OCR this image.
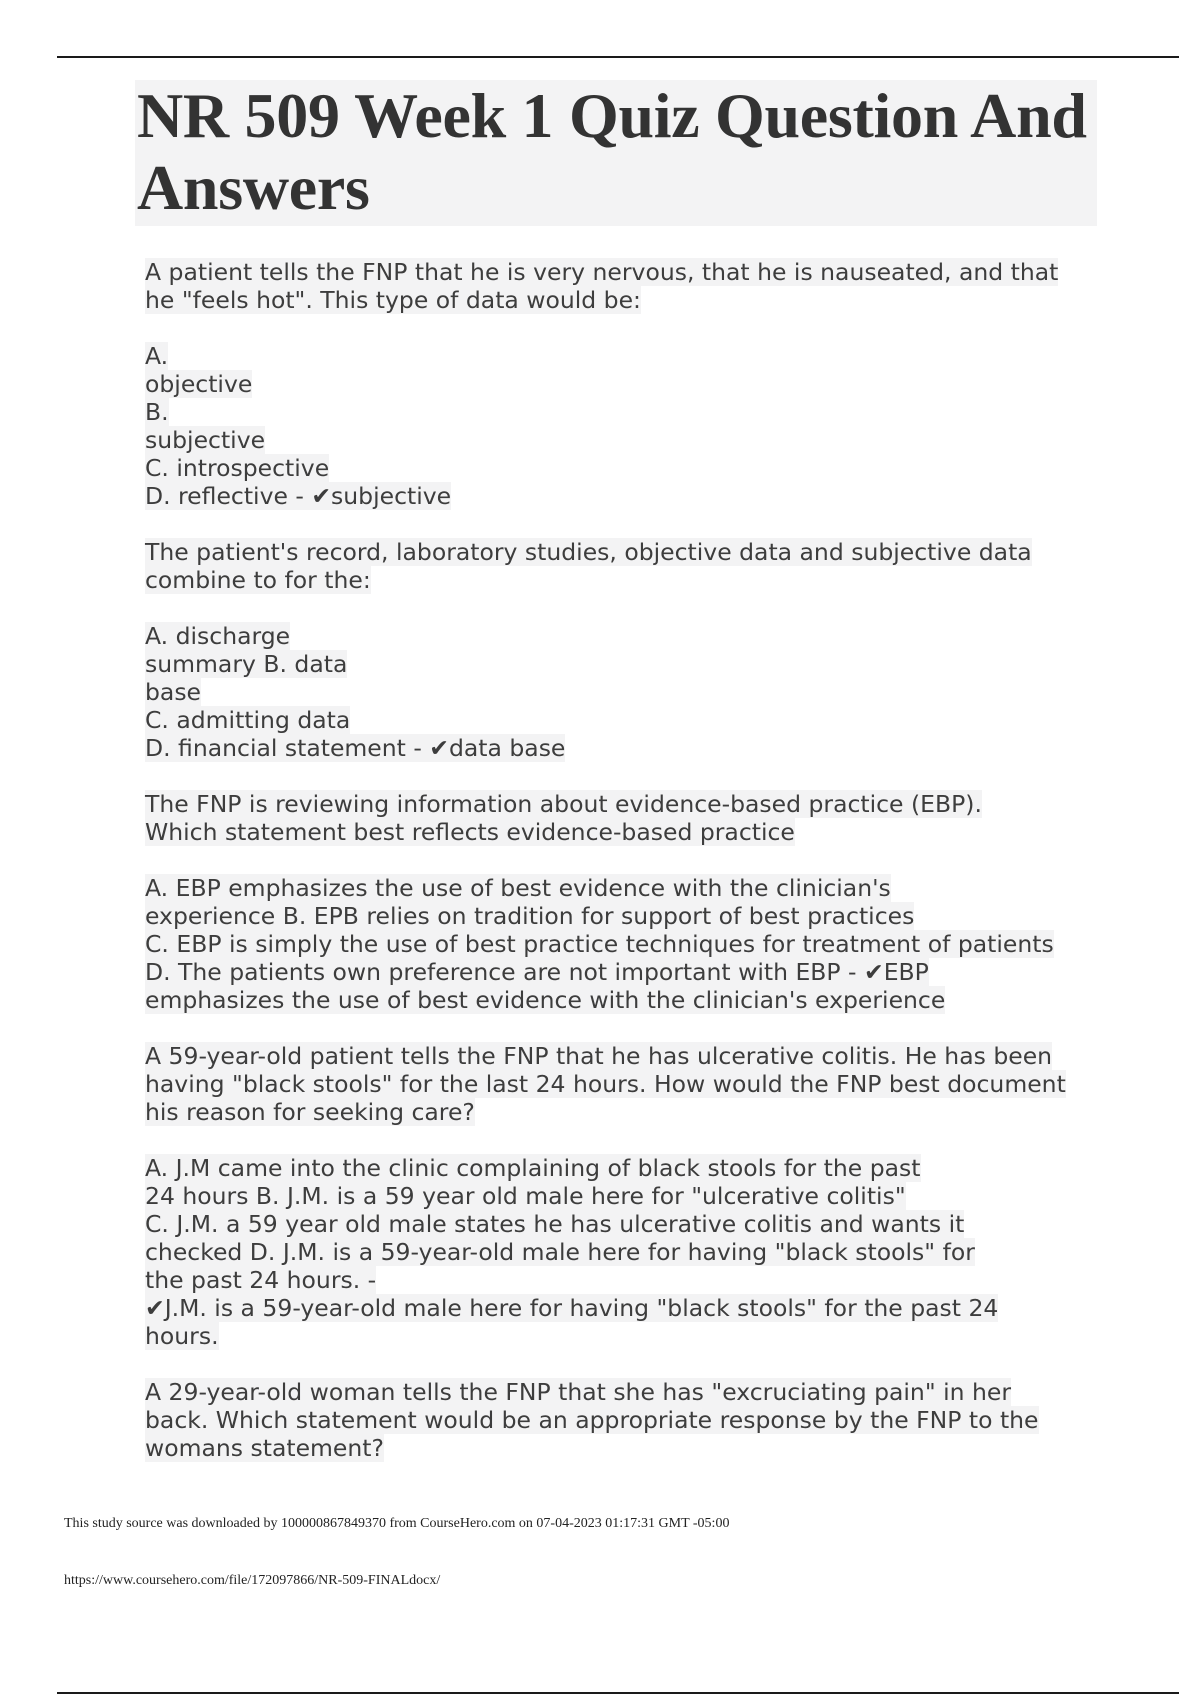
NR 509 Week 1 Quiz Question And
Answers
A patient tells the FNP that he is very nervous, that he is nauseated, and that
he "feels hot". This type of data would be:
A.
objective
B.
subjective
C. introspective
D. reflective - ✔subjective
The patient's record, laboratory studies, objective data and subjective data
combine to for the:
A. discharge
summary B. data
base
C. admitting data
D. financial statement - ✔data base
The FNP is reviewing information about evidence-based practice (EBP).
Which statement best reflects evidence-based practice
A. EBP emphasizes the use of best evidence with the clinician's
experience B. EPB relies on tradition for support of best practices
C. EBP is simply the use of best practice techniques for treatment of patients
D. The patients own preference are not important with EBP - ✔EBP
emphasizes the use of best evidence with the clinician's experience
A 59-year-old patient tells the FNP that he has ulcerative colitis. He has been
having "black stools" for the last 24 hours. How would the FNP best document
his reason for seeking care?
A. J.M came into the clinic complaining of black stools for the past
24 hours B. J.M. is a 59 year old male here for "ulcerative colitis"
C. J.M. a 59 year old male states he has ulcerative colitis and wants it
checked D. J.M. is a 59-year-old male here for having "black stools" for
the past 24 hours. -
✔J.M. is a 59-year-old male here for having "black stools" for the past 24
hours.
A 29-year-old woman tells the FNP that she has "excruciating pain" in her
back. Which statement would be an appropriate response by the FNP to the
womans statement?
This study source was downloaded by 100000867849370 from CourseHero.com on 07-04-2023 01:17:31 GMT -05:00
https://www.coursehero.com/file/172097866/NR-509-FINALdocx/
